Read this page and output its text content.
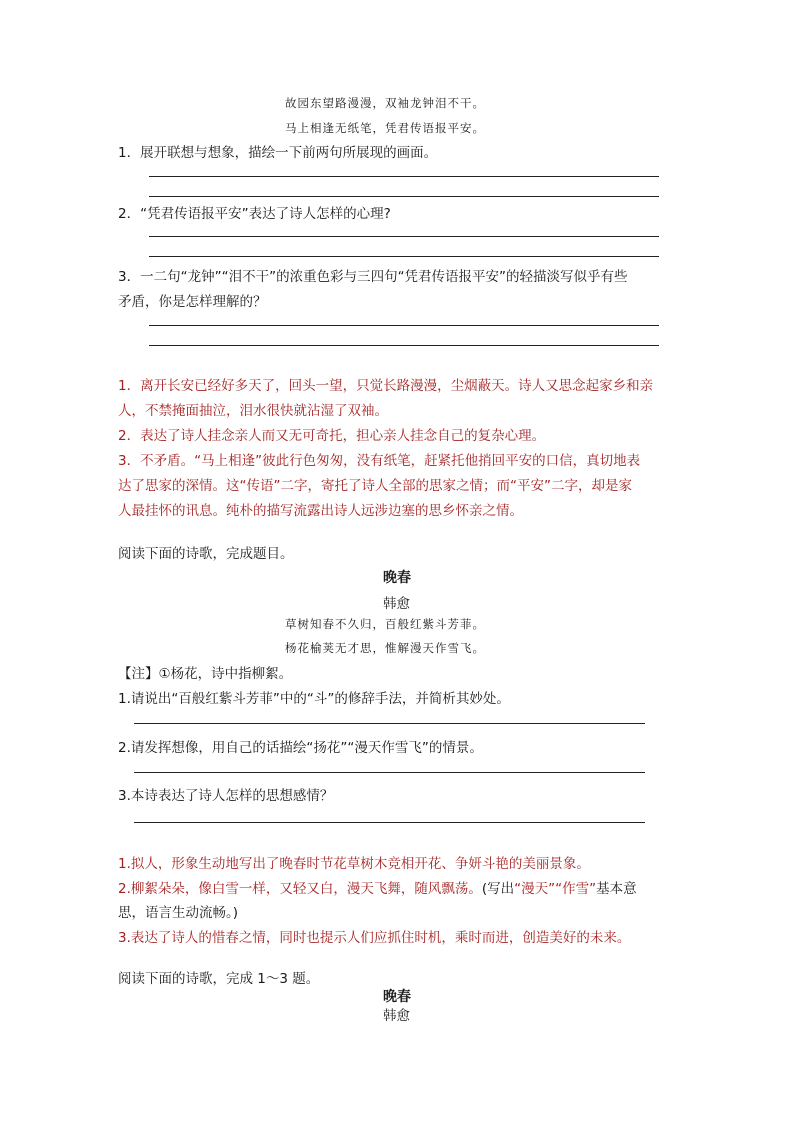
故园东望路漫漫，双袖龙钟泪不干。
马上相逢无纸笔，凭君传语报平安。
1．展开联想与想象，描绘一下前两句所展现的画面。
2．“凭君传语报平安”表达了诗人怎样的心理?
3．一二句“龙钟”“泪不干”的浓重色彩与三四句“凭君传语报平安”的轻描淡写似乎有些
矛盾，你是怎样理解的？
1．离开长安已经好多天了，回头一望，只觉长路漫漫，尘烟蔽天。诗人又思念起家乡和亲
人，不禁掩面抽泣，泪水很快就沾湿了双袖。
2．表达了诗人挂念亲人而又无可奇托，担心亲人挂念自己的复杂心理。
3．不矛盾。“马上相逢”彼此行色匆匆，没有纸笔，赶紧托他捎回平安的口信，真切地表
达了思家的深情。这“传语”二字，寄托了诗人全部的思家之情；而“平安”二字，却是家
人最挂怀的讯息。纯朴的描写流露出诗人远涉边塞的思乡怀亲之情。
阅读下面的诗歌，完成题目。
晚春
韩愈
草树知春不久归，百般红紫斗芳菲。
杨花榆荚无才思，惟解漫天作雪飞。
【注】①杨花，诗中指柳絮。
1.请说出“百般红紫斗芳菲”中的“斗”的修辞手法，并简析其妙处。
2.请发挥想像，用自己的话描绘“扬花”“漫天作雪飞”的情景。
3.本诗表达了诗人怎样的思想感情？
1.拟人，形象生动地写出了晚春时节花草树木竞相开花、争妍斗艳的美丽景象。
2.柳絮朵朵，像白雪一样，又轻又白，漫天飞舞，随风飘荡。(写出“漫天”“作雪”基本意
思，语言生动流畅。)
3.表达了诗人的惜春之情，同时也提示人们应抓住时机，乘时而进，创造美好的未来。
阅读下面的诗歌，完成 1～3 题。
晚春
韩愈
